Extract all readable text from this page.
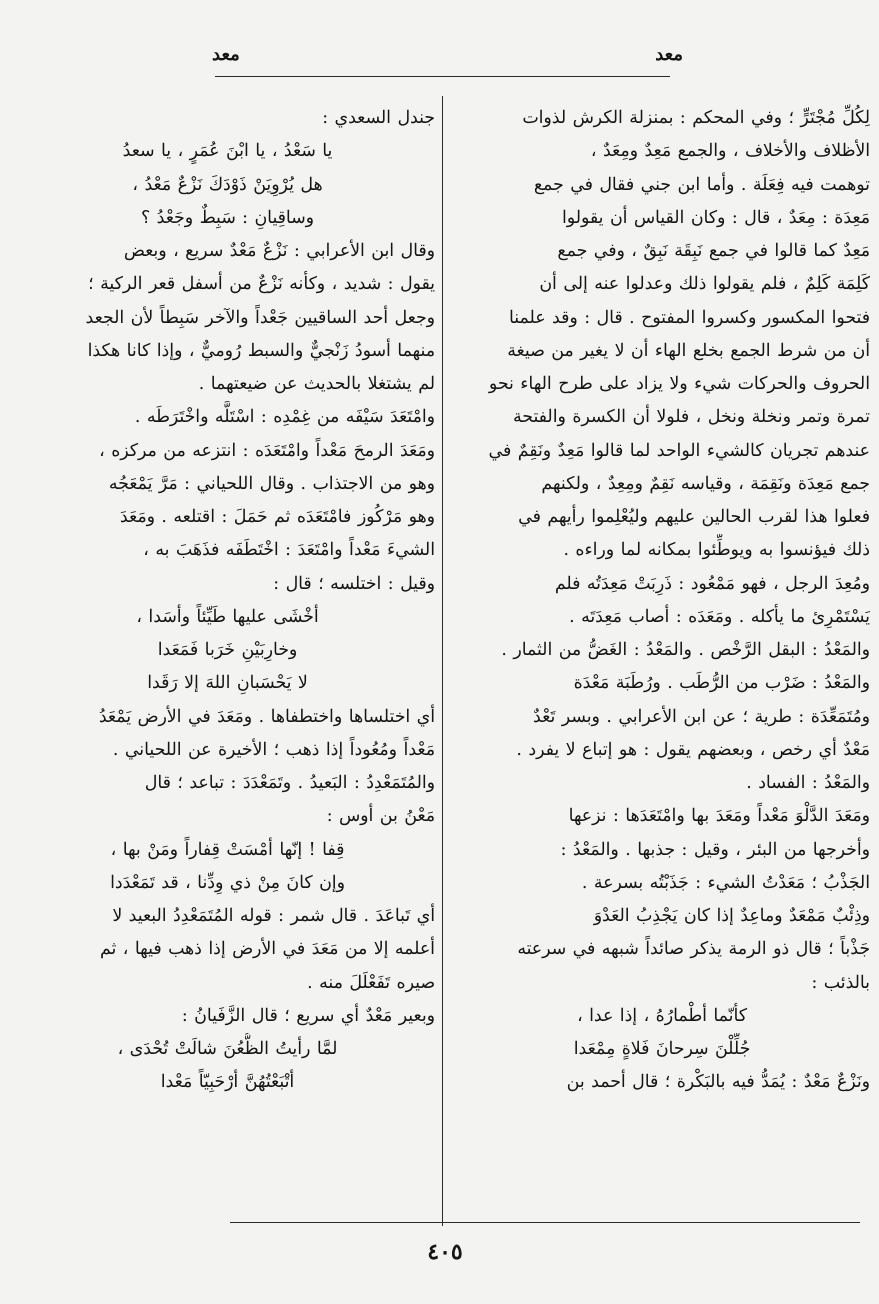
معد
معد
لِكُلِّ مُجْتَرٍّ ؛ وفي المحكم : بمنزلة الكرش لذوات
الأظلاف والأخلاف ، والجمع مَعِدٌ ومِعَدٌ ،
توهمت فيه فِعَلَة . وأما ابن جني فقال في جمع
مَعِدَة : مِعَدٌ ، قال : وكان القياس أن يقولوا
مَعِدٌ كما قالوا في جمع نَبِقَة نَبِقٌ ، وفي جمع
كَلِمَة كَلِمٌ ، فلم يقولوا ذلك وعدلوا عنه إلى أن
فتحوا المكسور وكسروا المفتوح . قال : وقد علمنا
أن من شرط الجمع بخلع الهاء أن لا يغير من صيغة
الحروف والحركات شيء ولا يزاد على طرح الهاء نحو
تمرة وتمر ونخلة ونخل ، فلولا أن الكسرة والفتحة
عندهم تجريان كالشيء الواحد لما قالوا مَعِدٌ ونَقِمٌ في
جمع مَعِدَة ونَقِمَة ، وقياسه نَقِمٌ ومِعِدٌ ، ولكنهم
فعلوا هذا لقرب الحالين عليهم وليُعْلِموا رأيهم في
ذلك فيؤنسوا به ويوطِّئوا بمكانه لما وراءه .
ومُعِدَ الرجل ، فهو مَمْعُود : ذَرِبَتْ مَعِدَتُه فلم
يَسْتَمْرِئ ما يأكله . ومَعَدَه : أصاب مَعِدَتَه .
والمَعْدُ : البقل الرَّخْص . والمَعْدُ : الغَضُّ من الثمار .
والمَعْدُ : ضَرْب من الرُّطَب . ورُطَبَة مَعْدَة
ومُتَمَعِّدَة : طرية ؛ عن ابن الأعرابي . وبسر تَعْدٌ
مَعْدٌ أي رخص ، وبعضهم يقول : هو إتباع لا يفرد .
والمَعْدُ : الفساد .
ومَعَدَ الدَّلْوَ مَعْداً ومَعَدَ بها وامْتَعَدَها : نزعها
وأخرجها من البئر ، وقيل : جذبها . والمَعْدُ :
الجَذْبُ ؛ مَعَدْتُ الشيء : جَذَبْتُه بسرعة .
وذِئْبٌ مَمْعَدٌ وماعِدٌ إذا كان يَجْذِبُ العَدْوَ
جَذْباً ؛ قال ذو الرمة يذكر صائداً شبهه في سرعته
بالذئب :
كأنّما أطْمارُهُ ، إذا عدا ،
جُلِّلْنَ سِرحانَ فَلاةٍ مِمْعَدا
ونَزْعٌ مَعْدٌ : يُمَدُّ فيه بالبَكْرة ؛ قال أحمد بن
جندل السعدي :
يا سَعْدُ ، يا ابْنَ عُمَرٍ ، يا سعدُ
هل يُرْوِيَنْ ذَوْدَكَ نَزْعٌ مَعْدُ ،
وساقِيانِ : سَبِطٌ وجَعْدُ ؟
وقال ابن الأعرابي : نَزْعٌ مَعْدٌ سريع ، وبعض
يقول : شديد ، وكأنه نَزْعٌ من أسفل قعر الركية ؛
وجعل أحد الساقيين جَعْداً والآخر سَبِطاً لأن الجعد
منهما أسودُ زَنْجيٌّ والسبط رُوميٌّ ، وإذا كانا هكذا
لم يشتغلا بالحديث عن ضيعتهما .
وامْتَعَدَ سَيْفَه من غِمْدِه : اسْتَلَّه واخْتَرَطَه .
ومَعَدَ الرمحَ مَعْداً وامْتَعَدَه : انتزعه من مركزه ،
وهو من الاجتذاب . وقال اللحياني : مَرَّ يَمْعَجُه
وهو مَرْكُوز فامْتَعَدَه ثم حَمَلَ : اقتلعه . ومَعَدَ
الشيءَ مَعْداً وامْتَعَدَ : اخْتَطَفَه فذَهَبَ به ،
وقيل : اختلسه ؛ قال :
أخْشَى عليها طَيِّئاً وأسَدا ،
وخارِبَيْنِ خَرَبا فَمَعَدا
لا يَحْسَبانِ اللهَ إلا رَقَدا
أي اختلساها واختطفاها . ومَعَدَ في الأرض يَمْعَدُ
مَعْداً ومُعُوداً إذا ذهب ؛ الأخيرة عن اللحياني .
والمُتَمَعْدِدُ : البَعيدُ . وتَمَعْدَدَ : تباعد ؛ قال
مَعْنُ بن أوس :
قِفا ! إنّها أمْسَتْ قِفاراً ومَنْ بها ،
وإن كانَ مِنْ ذي وِدِّنا ، قد تَمَعْدَدا
أي تَباعَدَ . قال شمر : قوله المُتَمَعْدِدُ البعيد لا
أعلمه إلا من مَعَدَ في الأرض إذا ذهب فيها ، ثم
صيره تَفَعْلَلَ منه .
وبعير مَعْدٌ أي سريع ؛ قال الزَّفَيانُ :
لمَّا رأيتُ الظُّعُنَ شالَتْ تُحْدَى ،
أتْبَعْتُهُنَّ أرْحَبِيّاً مَعْدا
٤٠٥
